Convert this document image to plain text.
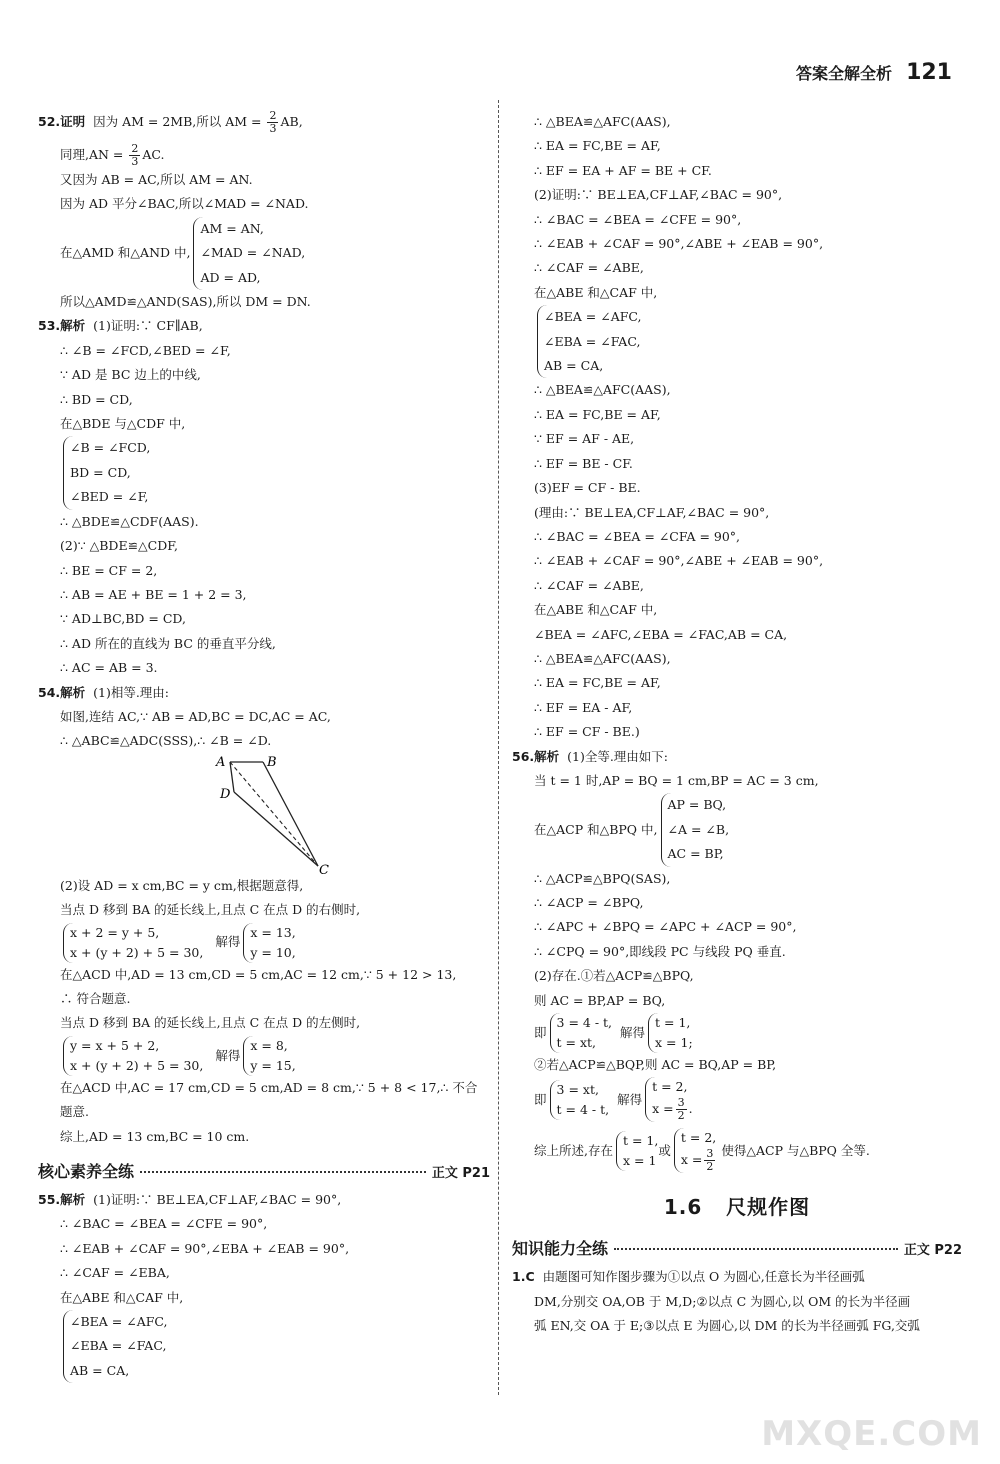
答案全解全析 121
52.证明 因为 AM = 2MB,所以 AM = $\frac{2}{3}$ AB,
同理$,AN = \frac{2}{3}$ AC.
又因为 AB = AC,所以 AM = AN.
因为 AD 平分∠BAC,所以∠MAD = ∠NAD.
在△AMD 和△AND 中,
AM = AN,
∠MAD = ∠NAD,
AD = AD,
所以△AMD≌△AND(SAS),所以 DM = DN.
53.解析 (1)证明:∵ CF∥AB,
∴ ∠B = ∠FCD,∠BED = ∠F,
∵ AD 是 BC 边上的中线,
∴ BD = CD,
在△BDE 与△CDF 中,
∠B = ∠FCD,
BD = CD,
∠BED = ∠F,
∴ △BDE≌△CDF(AAS).
(2)∵ △BDE≌△CDF,
∴ BE = CF = 2,
∴ AB = AE + BE = 1 + 2 = 3,
∵ AD⊥BC,BD = CD,
∴ AD 所在的直线为 BC 的垂直平分线,
∴ AC = AB = 3.
54.解析 (1)相等.理由:
如图,连结 AC,∵ AB = AD,BC = DC,AC = AC,
∴ △ABC≌△ADC(SSS),∴ ∠B = ∠D.
A	B
D
C
(2)设 AD = x cm,BC = y cm,根据题意得,
当点 D 移到 BA 的延长线上,且点 C 在点 D 的右侧时,
x + 2 = y + 5,
x + (y + 2) + 5 = 30,
解得
x = 13,
y = 10,
在△ACD 中,AD = 13 cm,CD = 5 cm,AC = 12 cm,∵ 5 + 12 > 13,
∴ 符合题意.
当点 D 移到 BA 的延长线上,且点 C 在点 D 的左侧时,
y = x + 5 + 2,
x + (y + 2) + 5 = 30,
解得
x = 8,
y = 15,
在△ACD 中,AC = 17 cm,CD = 5 cm,AD = 8 cm,∵ 5 + 8 < 17,∴ 不合
题意.
综上,AD = 13 cm,BC = 10 cm.
核心素养全练	正文 P21
55.解析 (1)证明:∵ BE⊥EA,CF⊥AF,∠BAC = 90°,
∴ ∠BAC = ∠BEA = ∠CFE = 90°,
∴ ∠EAB + ∠CAF = 90°,∠EBA + ∠EAB = 90°,
∴ ∠CAF = ∠EBA,
在△ABE 和△CAF 中,
∠BEA = ∠AFC,
∠EBA = ∠FAC,
AB = CA,
∴ △BEA≌△AFC(AAS),
∴ EA = FC,BE = AF,
∴ EF = EA + AF = BE + CF.
(2)证明:∵ BE⊥EA,CF⊥AF,∠BAC = 90°,
∴ ∠BAC = ∠BEA = ∠CFE = 90°,
∴ ∠EAB + ∠CAF = 90°,∠ABE + ∠EAB = 90°,
∴ ∠CAF = ∠ABE,
在△ABE 和△CAF 中,
∠BEA = ∠AFC,
∠EBA = ∠FAC,
AB = CA,
∴ △BEA≌△AFC(AAS),
∴ EA = FC,BE = AF,
∵ EF = AF - AE,
∴ EF = BE - CF.
(3)EF = CF - BE.
(理由:∵ BE⊥EA,CF⊥AF,∠BAC = 90°,
∴ ∠BAC = ∠BEA = ∠CFA = 90°,
∴ ∠EAB + ∠CAF = 90°,∠ABE + ∠EAB = 90°,
∴ ∠CAF = ∠ABE,
在△ABE 和△CAF 中,
∠BEA = ∠AFC,∠EBA = ∠FAC,AB = CA,
∴ △BEA≌△AFC(AAS),
∴ EA = FC,BE = AF,
∴ EF = EA - AF,
∴ EF = CF - BE.)
56.解析 (1)全等.理由如下:
当 t = 1 时,AP = BQ = 1 cm,BP = AC = 3 cm,
在△ACP 和△BPQ 中,
AP = BQ,
∠A = ∠B,
AC = BP,
∴ △ACP≌△BPQ(SAS),
∴ ∠ACP = ∠BPQ,
∴ ∠APC + ∠BPQ = ∠APC + ∠ACP = 90°,
∴ ∠CPQ = 90°,即线段 PC 与线段 PQ 垂直.
(2)存在.①若△ACP≌△BPQ,
则 AC = BP,AP = BQ,
即
3 = 4 - t,
t = xt,
解得
t = 1,
x = 1;
②若△ACP≌△BQP,则 AC = BQ,AP = BP,
即
3 = xt,
t = 4 - t,
解得
t = 2,
$x = \frac{3}{2}$ .
综上所述,存在
t = 1,
x = 1
或
t = 2,
$x = \frac{3}{2}$ 使得△ACP 与△BPQ 全等.
1.6 尺规作图
知识能力全练	正文 P22
1.C 由题图可知作图步骤为①以点 O 为圆心,任意长为半径画弧
DM,分别交 OA,OB 于 M,D;②以点 C 为圆心,以 OM 的长为半径画
弧 EN,交 OA 于 E;③以点 E 为圆心,以 DM 的长为半径画弧 FG,交弧
MXQE.COM
